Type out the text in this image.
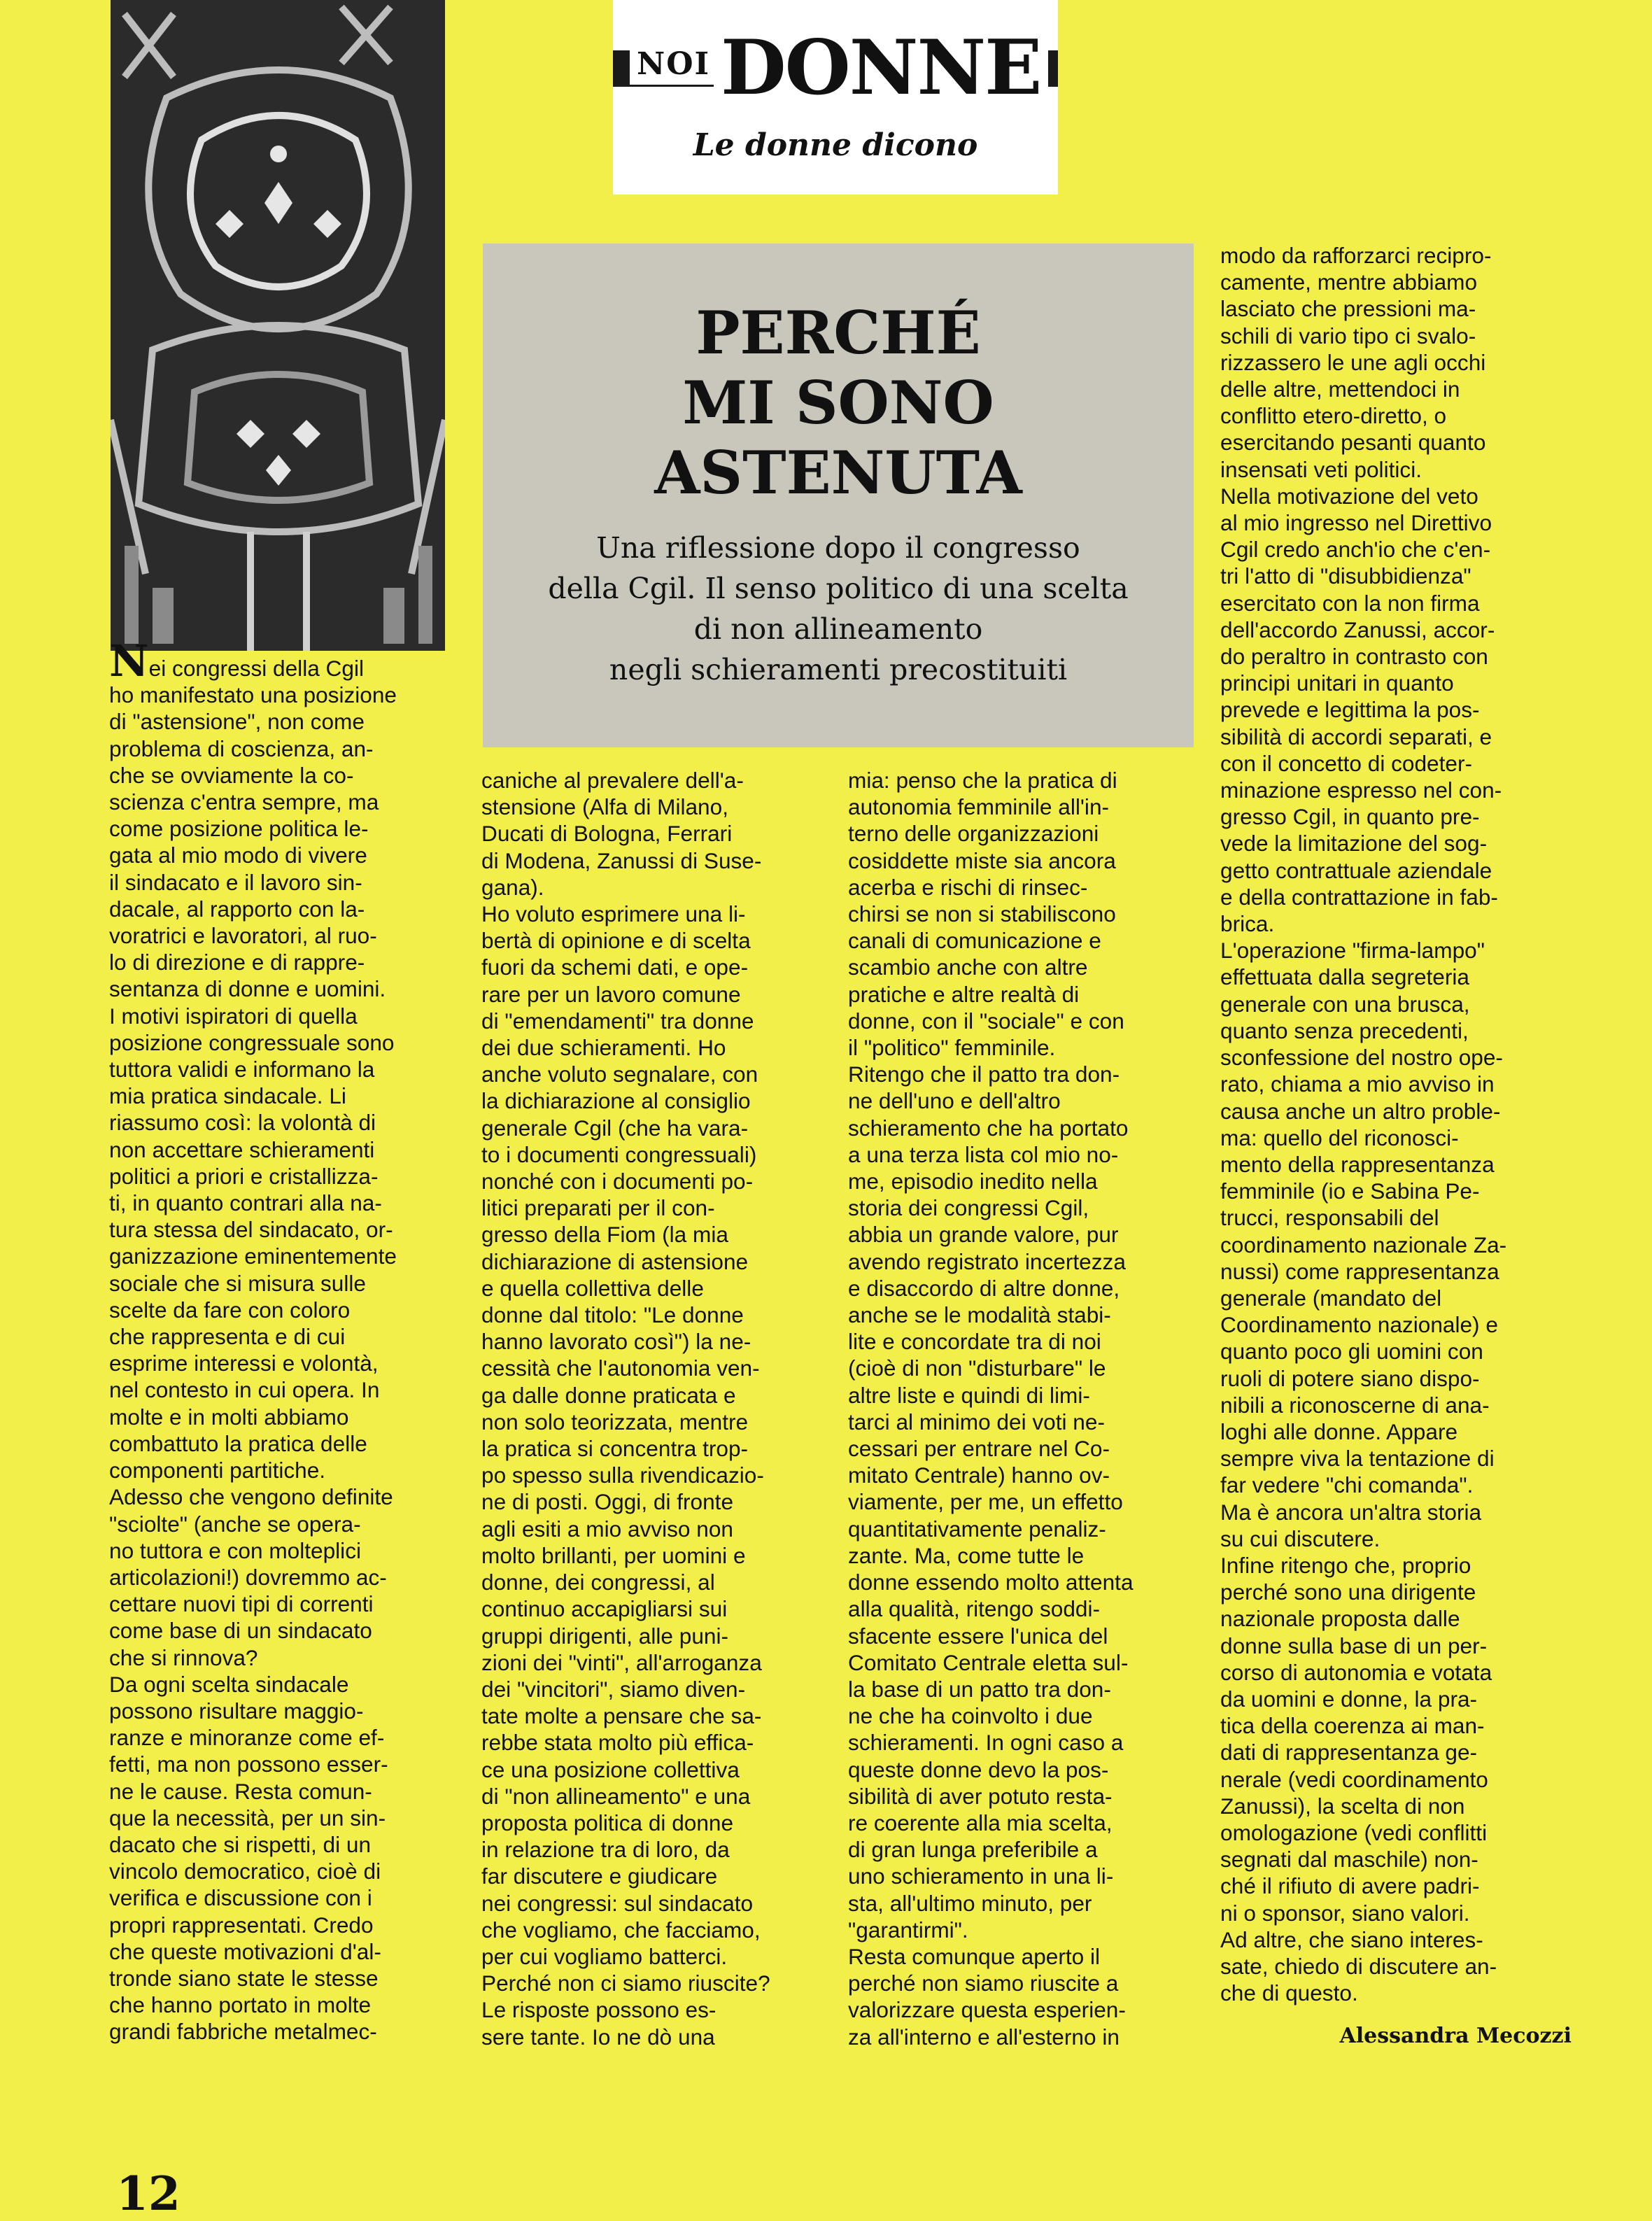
NOI DONNE
Le donne dicono
PERCHÉ
MI SONO
ASTENUTA
Una riflessione dopo il congresso
della Cgil. Il senso politico di una scelta
di non allineamento
negli schieramenti precostituiti
Nei congressi della Cgil
ho manifestato una posizione
di "astensione", non come
problema di coscienza, an-
che se ovviamente la co-
scienza c'entra sempre, ma
come posizione politica le-
gata al mio modo di vivere
il sindacato e il lavoro sin-
dacale, al rapporto con la-
voratrici e lavoratori, al ruo-
lo di direzione e di rappre-
sentanza di donne e uomini.
I motivi ispiratori di quella
posizione congressuale sono
tuttora validi e informano la
mia pratica sindacale. Li
riassumo così: la volontà di
non accettare schieramenti
politici a priori e cristallizza-
ti, in quanto contrari alla na-
tura stessa del sindacato, or-
ganizzazione eminentemente
sociale che si misura sulle
scelte da fare con coloro
che rappresenta e di cui
esprime interessi e volontà,
nel contesto in cui opera. In
molte e in molti abbiamo
combattuto la pratica delle
componenti partitiche.
Adesso che vengono definite
"sciolte" (anche se opera-
no tuttora e con molteplici
articolazioni!) dovremmo ac-
cettare nuovi tipi di correnti
come base di un sindacato
che si rinnova?
Da ogni scelta sindacale
possono risultare maggio-
ranze e minoranze come ef-
fetti, ma non possono esser-
ne le cause. Resta comun-
que la necessità, per un sin-
dacato che si rispetti, di un
vincolo democratico, cioè di
verifica e discussione con i
propri rappresentati. Credo
che queste motivazioni d'al-
tronde siano state le stesse
che hanno portato in molte
grandi fabbriche metalmec-
caniche al prevalere dell'a-
stensione (Alfa di Milano,
Ducati di Bologna, Ferrari
di Modena, Zanussi di Suse-
gana).
Ho voluto esprimere una li-
bertà di opinione e di scelta
fuori da schemi dati, e ope-
rare per un lavoro comune
di "emendamenti" tra donne
dei due schieramenti. Ho
anche voluto segnalare, con
la dichiarazione al consiglio
generale Cgil (che ha vara-
to i documenti congressuali)
nonché con i documenti po-
litici preparati per il con-
gresso della Fiom (la mia
dichiarazione di astensione
e quella collettiva delle
donne dal titolo: "Le donne
hanno lavorato così") la ne-
cessità che l'autonomia ven-
ga dalle donne praticata e
non solo teorizzata, mentre
la pratica si concentra trop-
po spesso sulla rivendicazio-
ne di posti. Oggi, di fronte
agli esiti a mio avviso non
molto brillanti, per uomini e
donne, dei congressi, al
continuo accapigliarsi sui
gruppi dirigenti, alle puni-
zioni dei "vinti", all'arroganza
dei "vincitori", siamo diven-
tate molte a pensare che sa-
rebbe stata molto più effica-
ce una posizione collettiva
di "non allineamento" e una
proposta politica di donne
in relazione tra di loro, da
far discutere e giudicare
nei congressi: sul sindacato
che vogliamo, che facciamo,
per cui vogliamo batterci.
Perché non ci siamo riuscite?
Le risposte possono es-
sere tante. Io ne dò una
mia: penso che la pratica di
autonomia femminile all'in-
terno delle organizzazioni
cosiddette miste sia ancora
acerba e rischi di rinsec-
chirsi se non si stabiliscono
canali di comunicazione e
scambio anche con altre
pratiche e altre realtà di
donne, con il "sociale" e con
il "politico" femminile.
Ritengo che il patto tra don-
ne dell'uno e dell'altro
schieramento che ha portato
a una terza lista col mio no-
me, episodio inedito nella
storia dei congressi Cgil,
abbia un grande valore, pur
avendo registrato incertezza
e disaccordo di altre donne,
anche se le modalità stabi-
lite e concordate tra di noi
(cioè di non "disturbare" le
altre liste e quindi di limi-
tarci al minimo dei voti ne-
cessari per entrare nel Co-
mitato Centrale) hanno ov-
viamente, per me, un effetto
quantitativamente penaliz-
zante. Ma, come tutte le
donne essendo molto attenta
alla qualità, ritengo soddi-
sfacente essere l'unica del
Comitato Centrale eletta sul-
la base di un patto tra don-
ne che ha coinvolto i due
schieramenti. In ogni caso a
queste donne devo la pos-
sibilità di aver potuto resta-
re coerente alla mia scelta,
di gran lunga preferibile a
uno schieramento in una li-
sta, all'ultimo minuto, per
"garantirmi".
Resta comunque aperto il
perché non siamo riuscite a
valorizzare questa esperien-
za all'interno e all'esterno in
modo da rafforzarci recipro-
camente, mentre abbiamo
lasciato che pressioni ma-
schili di vario tipo ci svalo-
rizzassero le une agli occhi
delle altre, mettendoci in
conflitto etero-diretto, o
esercitando pesanti quanto
insensati veti politici.
Nella motivazione del veto
al mio ingresso nel Direttivo
Cgil credo anch'io che c'en-
tri l'atto di "disubbidienza"
esercitato con la non firma
dell'accordo Zanussi, accor-
do peraltro in contrasto con
principi unitari in quanto
prevede e legittima la pos-
sibilità di accordi separati, e
con il concetto di codeter-
minazione espresso nel con-
gresso Cgil, in quanto pre-
vede la limitazione del sog-
getto contrattuale aziendale
e della contrattazione in fab-
brica.
L'operazione "firma-lampo"
effettuata dalla segreteria
generale con una brusca,
quanto senza precedenti,
sconfessione del nostro ope-
rato, chiama a mio avviso in
causa anche un altro proble-
ma: quello del riconosci-
mento della rappresentanza
femminile (io e Sabina Pe-
trucci, responsabili del
coordinamento nazionale Za-
nussi) come rappresentanza
generale (mandato del
Coordinamento nazionale) e
quanto poco gli uomini con
ruoli di potere siano dispo-
nibili a riconoscerne di ana-
loghi alle donne. Appare
sempre viva la tentazione di
far vedere "chi comanda".
Ma è ancora un'altra storia
su cui discutere.
Infine ritengo che, proprio
perché sono una dirigente
nazionale proposta dalle
donne sulla base di un per-
corso di autonomia e votata
da uomini e donne, la pra-
tica della coerenza ai man-
dati di rappresentanza ge-
nerale (vedi coordinamento
Zanussi), la scelta di non
omologazione (vedi conflitti
segnati dal maschile) non-
ché il rifiuto di avere padri-
ni o sponsor, siano valori.
Ad altre, che siano interes-
sate, chiedo di discutere an-
che di questo.
Alessandra Mecozzi
12
